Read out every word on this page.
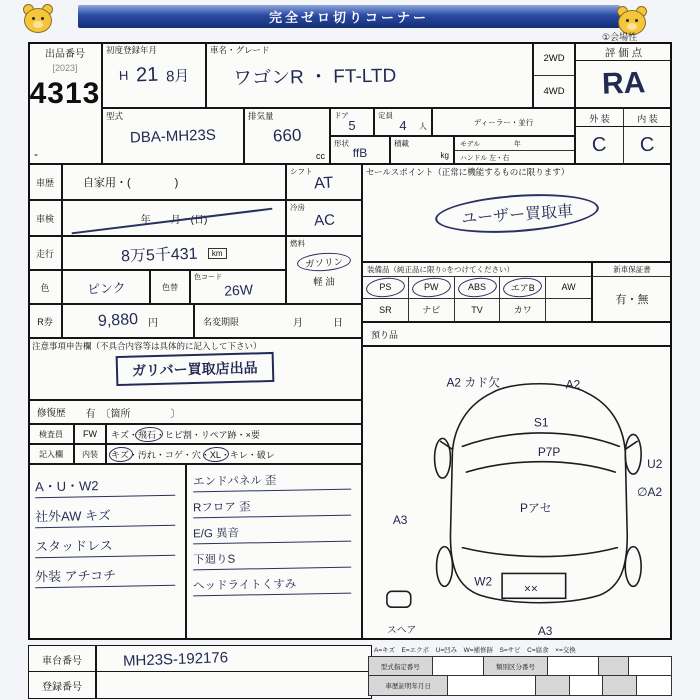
完全ゼロ切りコーナー
①会場性
出品番号
[2023]
4313
-
初度登録年月
H 21 8月
車名・グレード
ワゴンR ・ FT-LTD
2WD
4WD
評 価 点
RA
型式
DBA-MH23S
排気量
660
cc
ドア
5
定員
4 人	ディーラー・並行
形状
ffB
積載
kg
モデル　　　　　年
ハンドル 左・右
外 装	内 装
C C
車歴	自家用・(　　　　)
車検	年　　月・(日)
走行	8万5千431	km
色	ピンク	色替
色コード
26W
R券	9,880 円	名変期限	月	日
シフト
AT
冷房
AC
燃料
ガソリン
軽 油
セールスポイント（正常に機能するものに限ります）
ユーザー買取車
装備品（純正品に限り○をつけてください）
PS	PW	ABS	エアB	AW
SR	ナビ	TV	カワ
新車保証書
有・無
預り品
注意事項申告欄（不具合内容等は具体的に記入して下さい）
ガリバー買取店出品
修復歴 有　〔箇所　　　　〕
検査員 FW キズ・飛石・ヒビ割・リペア跡・×要
記入欄 内装 キズ・汚れ・コゲ・穴・XL・キレ・破レ
A・U・W2
社外AW キズ
スタッドレス
外装 アチコチ
エンドパネル 歪
Rフロア 歪
E/G 異音
下廻りS
ヘッドライトくすみ
A2 カド欠	A2
S1
P7P
Pアセ
U2
∅A2
A3
W2	××
A3
スヘア
車台番号	MH23S-192176
登録番号
A=キズ　E=エクボ　U=凹み　W=補修跡　S=サビ　C=腐食　×=交換
型式指定番号	類別区分番号
車歴証明年月日
